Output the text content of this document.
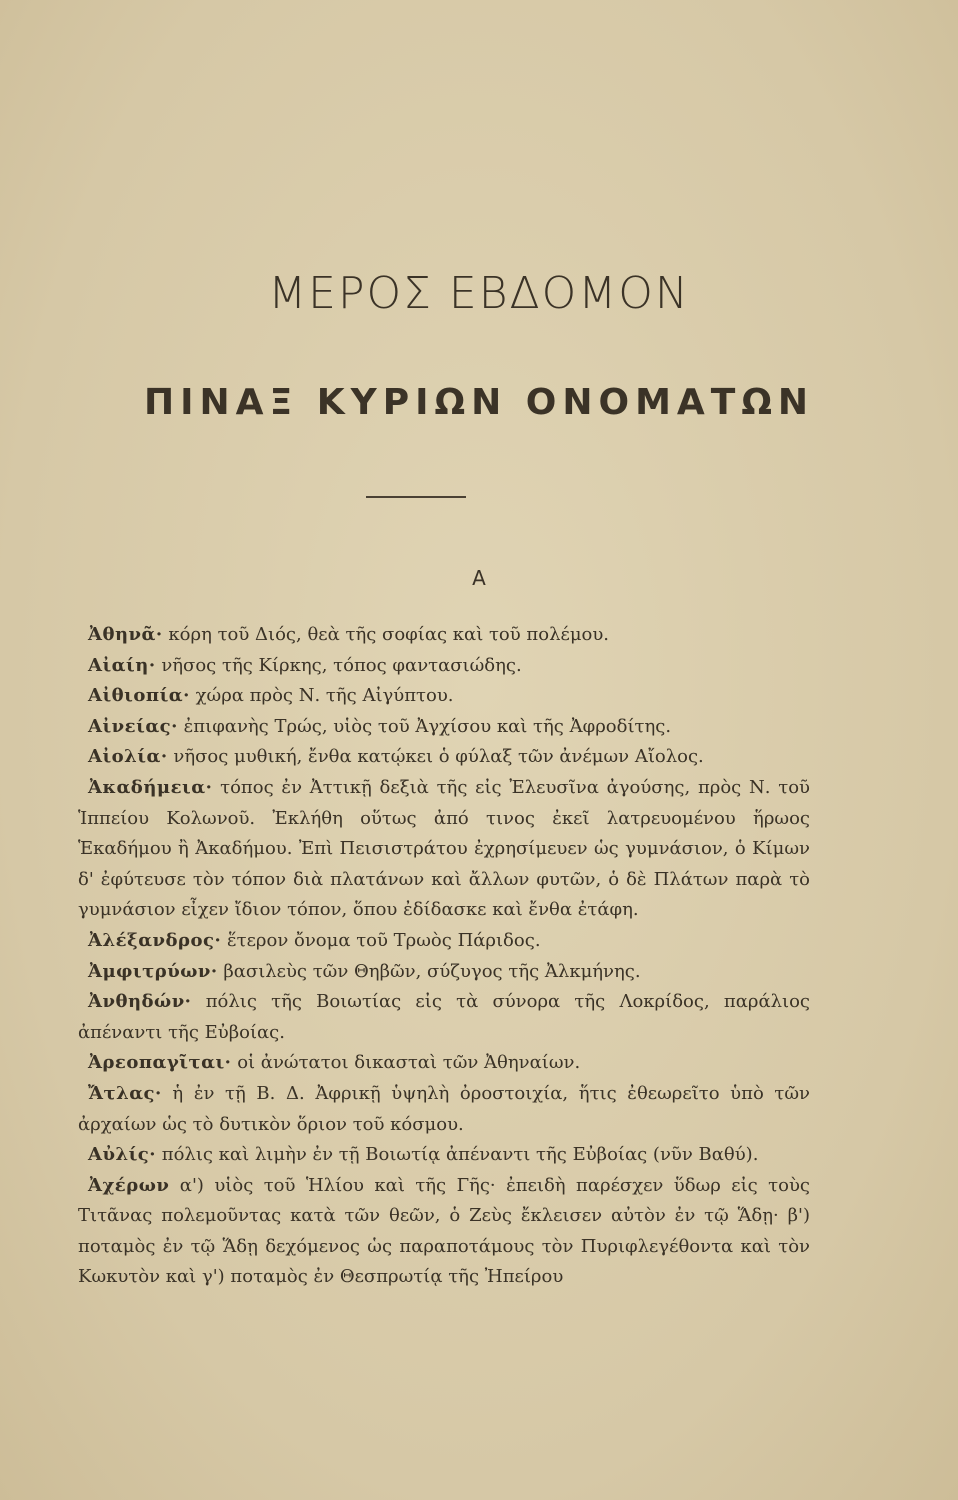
ΜΕΡΟΣ ΕΒΔΟΜΟΝ
ΠΙΝΑΞ ΚΥΡΙΩΝ ΟΝΟΜΑΤΩΝ
Α

Ἀθηνᾶ· κόρη τοῦ Διός, θεὰ τῆς σοφίας καὶ τοῦ πολέμου.

Αἰαίη· νῆσος τῆς Κίρκης, τόπος φαντασιώδης.

Αἰθιοπία· χώρα πρὸς Ν. τῆς Αἰγύπτου.

Αἰνείας· ἐπιφανὴς Τρώς, υἱὸς τοῦ Ἀγχίσου καὶ τῆς Ἀφροδίτης.

Αἰολία· νῆσος μυθική, ἔνθα κατῴκει ὁ φύλαξ τῶν ἀνέμων Αἴολος.

Ἀκαδήμεια· τόπος ἐν Ἀττικῇ δεξιὰ τῆς εἰς Ἐλευσῖνα ἀγούσης, πρὸς Ν. τοῦ Ἱππείου Κολωνοῦ. Ἐκλήθη οὕτως ἀπό τινος ἐκεῖ λατρευομένου ἥρωος Ἑκαδήμου ἢ Ἀκαδήμου. Ἐπὶ Πεισιστράτου ἐχρησίμευεν ὡς γυμνάσιον, ὁ Κίμων δ' ἐφύτευσε τὸν τόπον διὰ πλατάνων καὶ ἄλλων φυτῶν, ὁ δὲ Πλάτων παρὰ τὸ γυμνάσιον εἶχεν ἴδιον τόπον, ὅπου ἐδίδασκε καὶ ἔνθα ἐτάφη.

Ἀλέξανδρος· ἕτερον ὄνομα τοῦ Τρωὸς Πάριδος.

Ἀμφιτρύων· βασιλεὺς τῶν Θηβῶν, σύζυγος τῆς Ἀλκμήνης.

Ἀνθηδών· πόλις τῆς Βοιωτίας εἰς τὰ σύνορα τῆς Λοκρίδος, παράλιος ἀπέναντι τῆς Εὐβοίας.

Ἀρεοπαγῖται· οἱ ἀνώτατοι δικασταὶ τῶν Ἀθηναίων.

Ἄτλας· ἡ ἐν τῇ Β. Δ. Ἀφρικῇ ὑψηλὴ ὀροστοιχία, ἥτις ἐθεωρεῖτο ὑπὸ τῶν ἀρχαίων ὡς τὸ δυτικὸν ὅριον τοῦ κόσμου.

Αὐλίς· πόλις καὶ λιμὴν ἐν τῇ Βοιωτίᾳ ἀπέναντι τῆς Εὐβοίας (νῦν Βαθύ).

Ἀχέρων α') υἱὸς τοῦ Ἡλίου καὶ τῆς Γῆς· ἐπειδὴ παρέσχεν ὕδωρ εἰς τοὺς Τιτᾶνας πολεμοῦντας κατὰ τῶν θεῶν, ὁ Ζεὺς ἔκλεισεν αὐτὸν ἐν τῷ Ἅδῃ· β') ποταμὸς ἐν τῷ Ἅδῃ δεχόμενος ὡς παραποτάμους τὸν Πυριφλεγέθοντα καὶ τὸν Κωκυτὸν καὶ γ') ποταμὸς ἐν Θεσπρωτίᾳ τῆς Ἠπείρου
